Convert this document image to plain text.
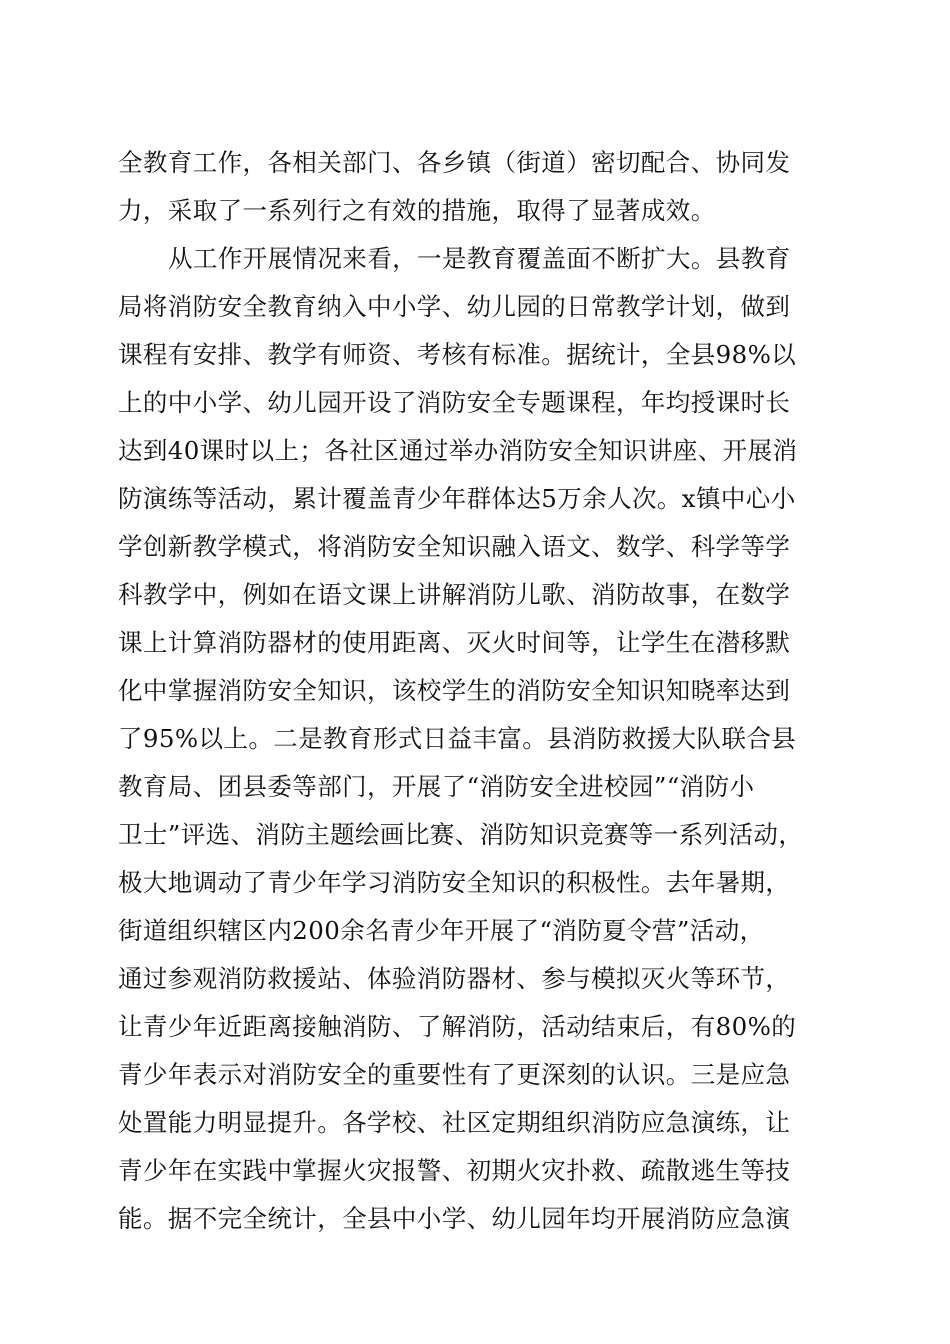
全教育工作，各相关部门、各乡镇（街道）密切配合、协同发
力，采取了一系列行之有效的措施，取得了显著成效。
从工作开展情况来看，一是教育覆盖面不断扩大。县教育
局将消防安全教育纳入中小学、幼儿园的日常教学计划，做到
课程有安排、教学有师资、考核有标准。据统计，全县98%以
上的中小学、幼儿园开设了消防安全专题课程，年均授课时长
达到40课时以上；各社区通过举办消防安全知识讲座、开展消
防演练等活动，累计覆盖青少年群体达5万余人次。x镇中心小
学创新教学模式，将消防安全知识融入语文、数学、科学等学
科教学中，例如在语文课上讲解消防儿歌、消防故事，在数学
课上计算消防器材的使用距离、灭火时间等，让学生在潜移默
化中掌握消防安全知识，该校学生的消防安全知识知晓率达到
了95%以上。二是教育形式日益丰富。县消防救援大队联合县
教育局、团县委等部门，开展了“消防安全进校园”“消防小
卫士”评选、消防主题绘画比赛、消防知识竞赛等一系列活动，
极大地调动了青少年学习消防安全知识的积极性。去年暑期，
街道组织辖区内200余名青少年开展了“消防夏令营”活动，
通过参观消防救援站、体验消防器材、参与模拟灭火等环节，
让青少年近距离接触消防、了解消防，活动结束后，有80%的
青少年表示对消防安全的重要性有了更深刻的认识。三是应急
处置能力明显提升。各学校、社区定期组织消防应急演练，让
青少年在实践中掌握火灾报警、初期火灾扑救、疏散逃生等技
能。据不完全统计，全县中小学、幼儿园年均开展消防应急演
